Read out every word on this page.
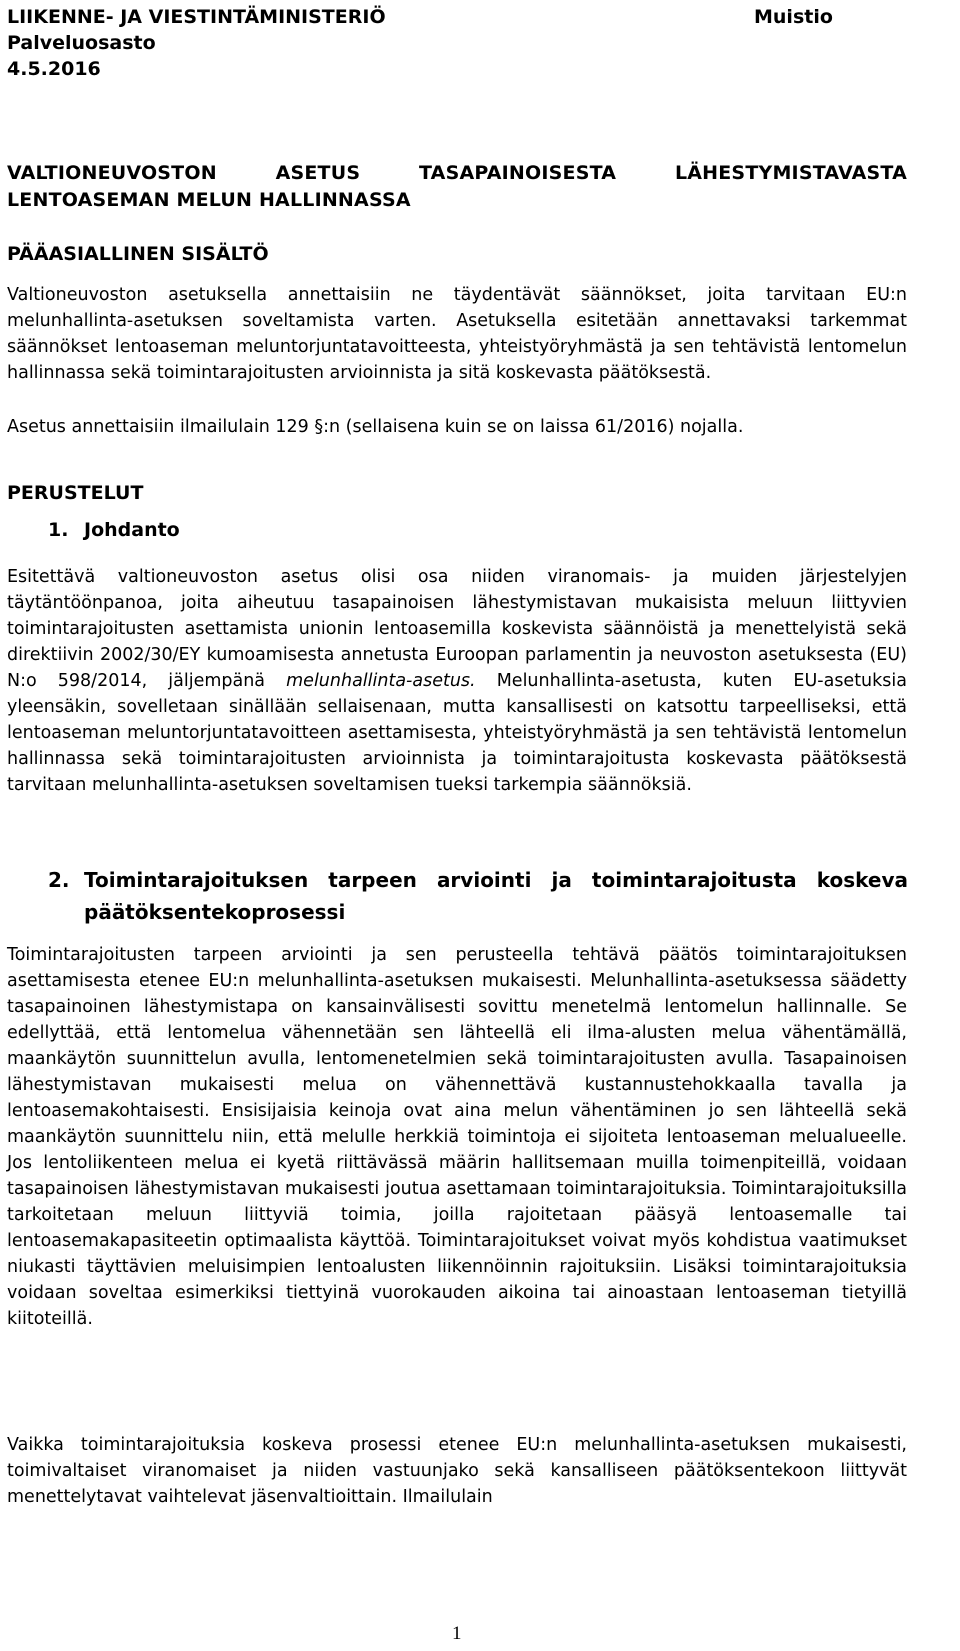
LIIKENNE- JA VIESTINTÄMINISTERIÖ
Palveluosasto
4.5.2016
Muistio
VALTIONEUVOSTON ASETUS TASAPAINOISESTA LÄHESTYMISTAVASTA LENTOASEMAN MELUN HALLINNASSA
PÄÄASIALLINEN SISÄLTÖ
Valtioneuvoston asetuksella annettaisiin ne täydentävät säännökset, joita tarvitaan EU:n melunhallinta-asetuksen soveltamista varten. Asetuksella esitetään annettavaksi tarkemmat säännökset lentoaseman meluntorjuntatavoitteesta, yhteistyöryhmästä ja sen tehtävistä lentomelun hallinnassa sekä toimintarajoitusten arvioinnista ja sitä koskevasta päätöksestä.
Asetus annettaisiin ilmailulain 129 §:n (sellaisena kuin se on laissa 61/2016) nojalla.
PERUSTELUT
1. Johdanto
Esitettävä valtioneuvoston asetus olisi osa niiden viranomais- ja muiden järjestelyjen täytäntöönpanoa, joita aiheutuu tasapainoisen lähestymistavan mukaisista meluun liittyvien toimintarajoitusten asettamista unionin lentoasemilla koskevista säännöistä ja menettelyistä sekä direktiivin 2002/30/EY kumoamisesta annetusta Euroopan parlamentin ja neuvoston asetuksesta (EU) N:o 598/2014, jäljempänä melunhallinta-asetus. Melunhallinta-asetusta, kuten EU-asetuksia yleensäkin, sovelletaan sinällään sellaisenaan, mutta kansallisesti on katsottu tarpeelliseksi, että lentoaseman meluntorjuntatavoitteen asettamisesta, yhteistyöryhmästä ja sen tehtävistä lentomelun hallinnassa sekä toimintarajoitusten arvioinnista ja toimintarajoitusta koskevasta päätöksestä tarvitaan melunhallinta-asetuksen soveltamisen tueksi tarkempia säännöksiä.
2. Toimintarajoituksen tarpeen arviointi ja toimintarajoitusta koskeva päätöksentekoprosessi
Toimintarajoitusten tarpeen arviointi ja sen perusteella tehtävä päätös toimintarajoituksen asettamisesta etenee EU:n melunhallinta-asetuksen mukaisesti. Melunhallinta-asetuksessa säädetty tasapainoinen lähestymistapa on kansainvälisesti sovittu menetelmä lentomelun hallinnalle. Se edellyttää, että lentomelua vähennetään sen lähteellä eli ilma-alusten melua vähentämällä, maankäytön suunnittelun avulla, lentomenetelmien sekä toimintarajoitusten avulla. Tasapainoisen lähestymistavan mukaisesti melua on vähennettävä kustannustehokkaalla tavalla ja lentoasemakohtaisesti. Ensisijaisia keinoja ovat aina melun vähentäminen jo sen lähteellä sekä maankäytön suunnittelu niin, että melulle herkkiä toimintoja ei sijoiteta lentoaseman melualueelle. Jos lentoliikenteen melua ei kyetä riittävässä määrin hallitsemaan muilla toimenpiteillä, voidaan tasapainoisen lähestymistavan mukaisesti joutua asettamaan toimintarajoituksia. Toimintarajoituksilla tarkoitetaan meluun liittyviä toimia, joilla rajoitetaan pääsyä lentoasemalle tai lentoasemakapasiteetin optimaalista käyttöä. Toimintarajoitukset voivat myös kohdistua vaatimukset niukasti täyttävien meluisimpien lentoalusten liikennöinnin rajoituksiin. Lisäksi toimintarajoituksia voidaan soveltaa esimerkiksi tiettyinä vuorokauden aikoina tai ainoastaan lentoaseman tietyillä kiitoteillä.
Vaikka toimintarajoituksia koskeva prosessi etenee EU:n melunhallinta-asetuksen mukaisesti, toimivaltaiset viranomaiset ja niiden vastuunjako sekä kansalliseen päätöksentekoon liittyvät menettelytavat vaihtelevat jäsenvaltioittain. Ilmailulain
1
